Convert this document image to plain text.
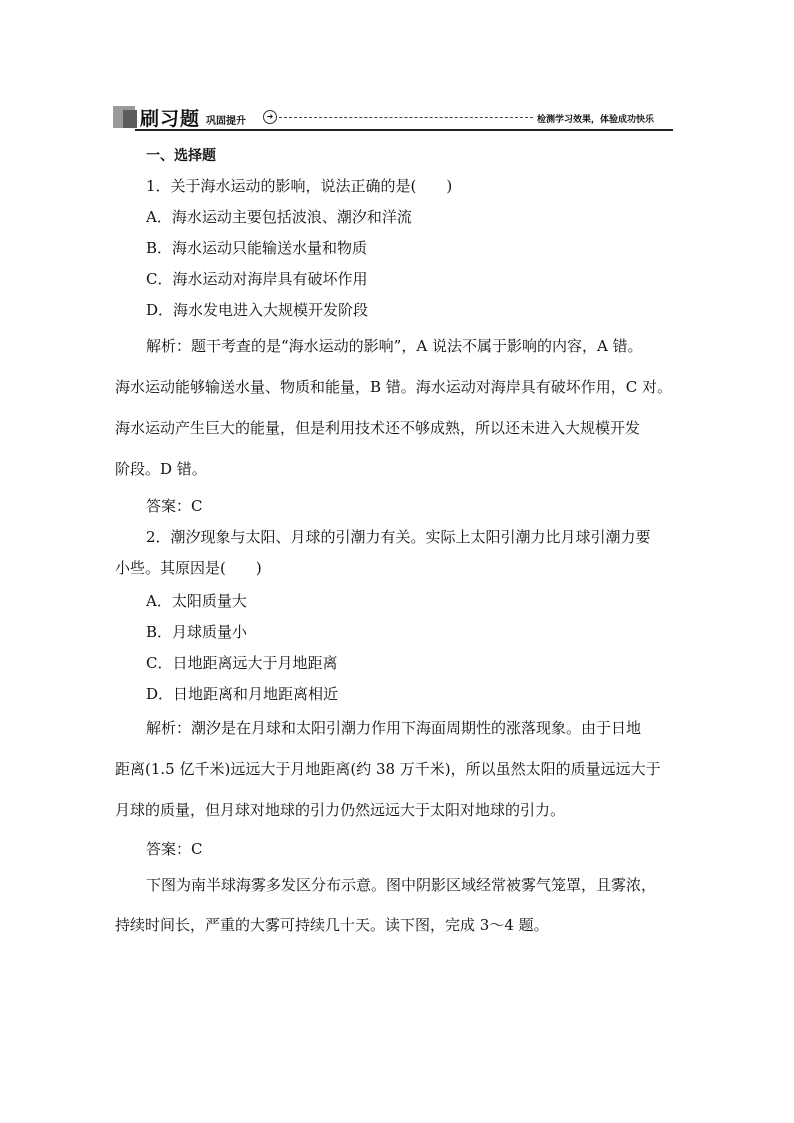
刷习题 巩固提升	➜	检测学习效果，体验成功快乐
一、选择题
1．关于海水运动的影响，说法正确的是(　　)
A．海水运动主要包括波浪、潮汐和洋流
B．海水运动只能输送水量和物质
C．海水运动对海岸具有破坏作用
D．海水发电进入大规模开发阶段
解析：题干考查的是“海水运动的影响”，A 说法不属于影响的内容，A 错。
海水运动能够输送水量、物质和能量，B 错。海水运动对海岸具有破坏作用，C 对。
海水运动产生巨大的能量，但是利用技术还不够成熟，所以还未进入大规模开发
阶段。D 错。
答案：C
2．潮汐现象与太阳、月球的引潮力有关。实际上太阳引潮力比月球引潮力要
小些。其原因是(　　)
A．太阳质量大
B．月球质量小
C．日地距离远大于月地距离
D．日地距离和月地距离相近
解析：潮汐是在月球和太阳引潮力作用下海面周期性的涨落现象。由于日地
距离(1.5 亿千米)远远大于月地距离(约 38 万千米)，所以虽然太阳的质量远远大于
月球的质量，但月球对地球的引力仍然远远大于太阳对地球的引力。
答案：C
下图为南半球海雾多发区分布示意。图中阴影区域经常被雾气笼罩，且雾浓，
持续时间长，严重的大雾可持续几十天。读下图，完成 3～4 题。
